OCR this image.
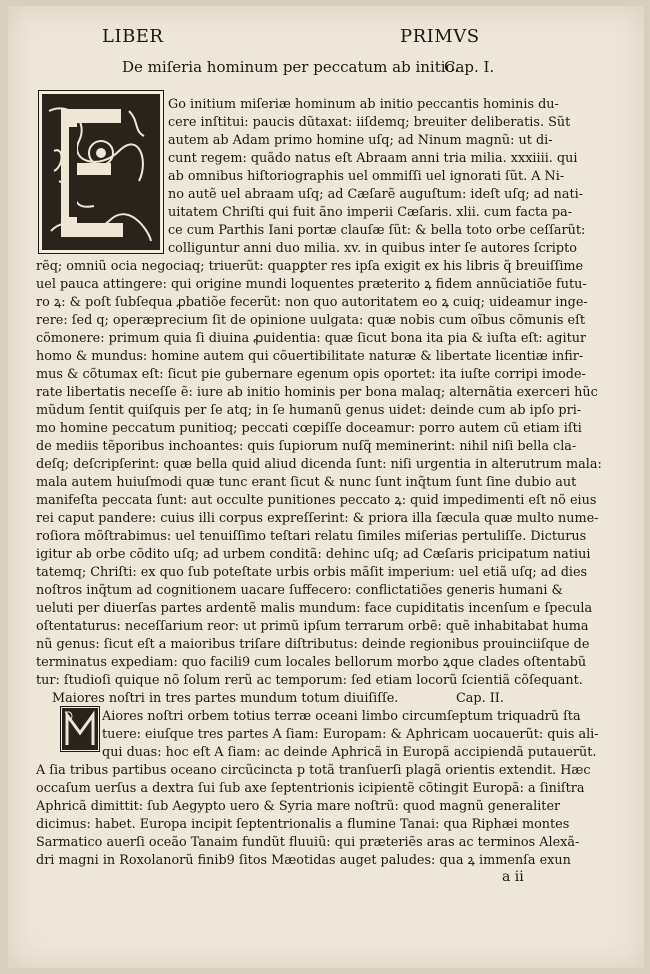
LIBER	PRIMVS
De miſeria hominum per peccatum ab initio.
Cap. I.
Go initium miſeriæ hominum ab initio peccantis hominis du-
cere inſtitui: paucis dũtaxat: iiſdemq; breuiter deliberatis. Sũt
autem ab Adam primo homine uſq; ad Ninum magnũ: ut di-
cunt regem: quãdo natus eſt Abraam anni tria milia. xxxiiii. qui
ab omnibus hiſtoriographis uel ommiſſi uel ignorati ſũt. A Ni-
no autẽ uel abraam uſq; ad Cæſarẽ auguſtum: ideſt uſq; ad nati-
uitatem Chriſti qui fuit ãno imperii Cæſaris. xlii. cum facta pa-
ce cum Parthis Iani portæ clauſæ ſũt: & bella toto orbe ceſſarũt:
colliguntur anni duo milia. xv. in quibus inter ſe autores ſcripto
rẽq; omniũ ocia negociaq; triuerũt: quapꝑter res ipſa exigit ex his libris q̃ breuiſſime
uel pauca attingere: qui origine mundi loquentes præterito ꝝ fidem annũciatiõe futu-
ro ꝝ: & poſt ſubſequa ꝓbatiõe fecerũt: non quo autoritatem eo ꝝ cuiq; uideamur inge-
rere: ſed q; operæprecium ſit de opinione uulgata: quæ nobis cum oĩbus cõmunis eſt
cõmonere: primum quia ſi diuina ꝓuidentia: quæ ſicut bona ita pia & iuſta eſt: agitur
homo & mundus: homine autem qui cõuertibilitate naturæ & libertate licentiæ infir-
mus & cõtumax eſt: ſicut pie gubernare egenum opis oportet: ita iuſte corripi imode-
rate libertatis neceſſe ẽ: iure ab initio hominis per bona malaq; alternãtia exerceri hũc
mũdum ſentit quiſquis per ſe atq; in ſe humanũ genus uidet: deinde cum ab ipſo pri-
mo homine peccatum punitioq; peccati cœpiſſe doceamur: porro autem cũ etiam iſti
de mediis tẽporibus inchoantes: quis ſupiorum nuſq̃ meminerint: nihil niſi bella cla-
deſq; deſcripſerint: quæ bella quid aliud dicenda ſunt: niſi urgentia in alterutrum mala:
mala autem huiuſmodi quæ tunc erant ſicut & nunc ſunt inq̃tum ſunt ſine dubio aut
manifeſta peccata ſunt: aut occulte punitiones peccato ꝝ: quid impedimenti eſt nõ eius
rei caput pandere: cuius illi corpus expreſſerint: & priora illa ſæcula quæ multo nume-
roſiora mõſtrabimus: uel tenuiſſimo teſtari relatu ſimiles miſerias pertuliſſe. Dicturus
igitur ab orbe cõdito uſq; ad urbem conditã: dehinc uſq; ad Cæſaris pricipatum natiui
tatemq; Chriſti: ex quo ſub poteſtate urbis orbis mãſit imperium: uel etiã uſq; ad dies
noſtros inq̃tum ad cognitionem uacare ſuffecero: conflictatiões generis humani &
ueluti per diuerſas partes ardentẽ malis mundum: face cupiditatis incenſum e ſpecula
oſtentaturus: neceſſarium reor: ut primũ ipſum terrarum orbẽ: quẽ inhabitabat huma
nũ genus: ſicut eſt a maioribus triſare diſtributus: deinde regionibus prouinciiſque de
terminatus expediam: quo facili9 cum locales bellorum morbo ꝝque clades oſtentabũ
tur: ſtudioſi quique nõ ſolum rerũ ac temporum: ſed etiam locorũ ſcientiã cõſequant.
Maiores noſtri in tres partes mundum totum diuiſiſſe.	Cap. II.
Aiores noſtri orbem totius terræ oceani limbo circumſeptum triquadrũ ſta
tuere: eiuſque tres partes A ſiam: Europam: & Aphricam uocauerũt: quis ali-
qui duas: hoc eſt A ſiam: ac deinde Aphricã in Europã accipiendã putauerũt.
A ſia tribus partibus oceano circũcincta p totã tranſuerſi plagã orientis extendit. Hæc
occaſum uerſus a dextra ſui ſub axe ſeptentrionis icipientẽ cõtingit Europã: a ſiniſtra
Aphricã dimittit: ſub Aegypto uero & Syria mare noſtrũ: quod magnũ generaliter
dicimus: habet. Europa incipit ſeptentrionalis a flumine Tanai: qua Riphæi montes
Sarmatico auerſi oceão Tanaim fundũt fluuiũ: qui præteriẽs aras ac terminos Alexã-
dri magni in Roxolanorũ finib9 ſitos Mæotidas auget paludes: qua ꝝ immenſa exun
a ii
